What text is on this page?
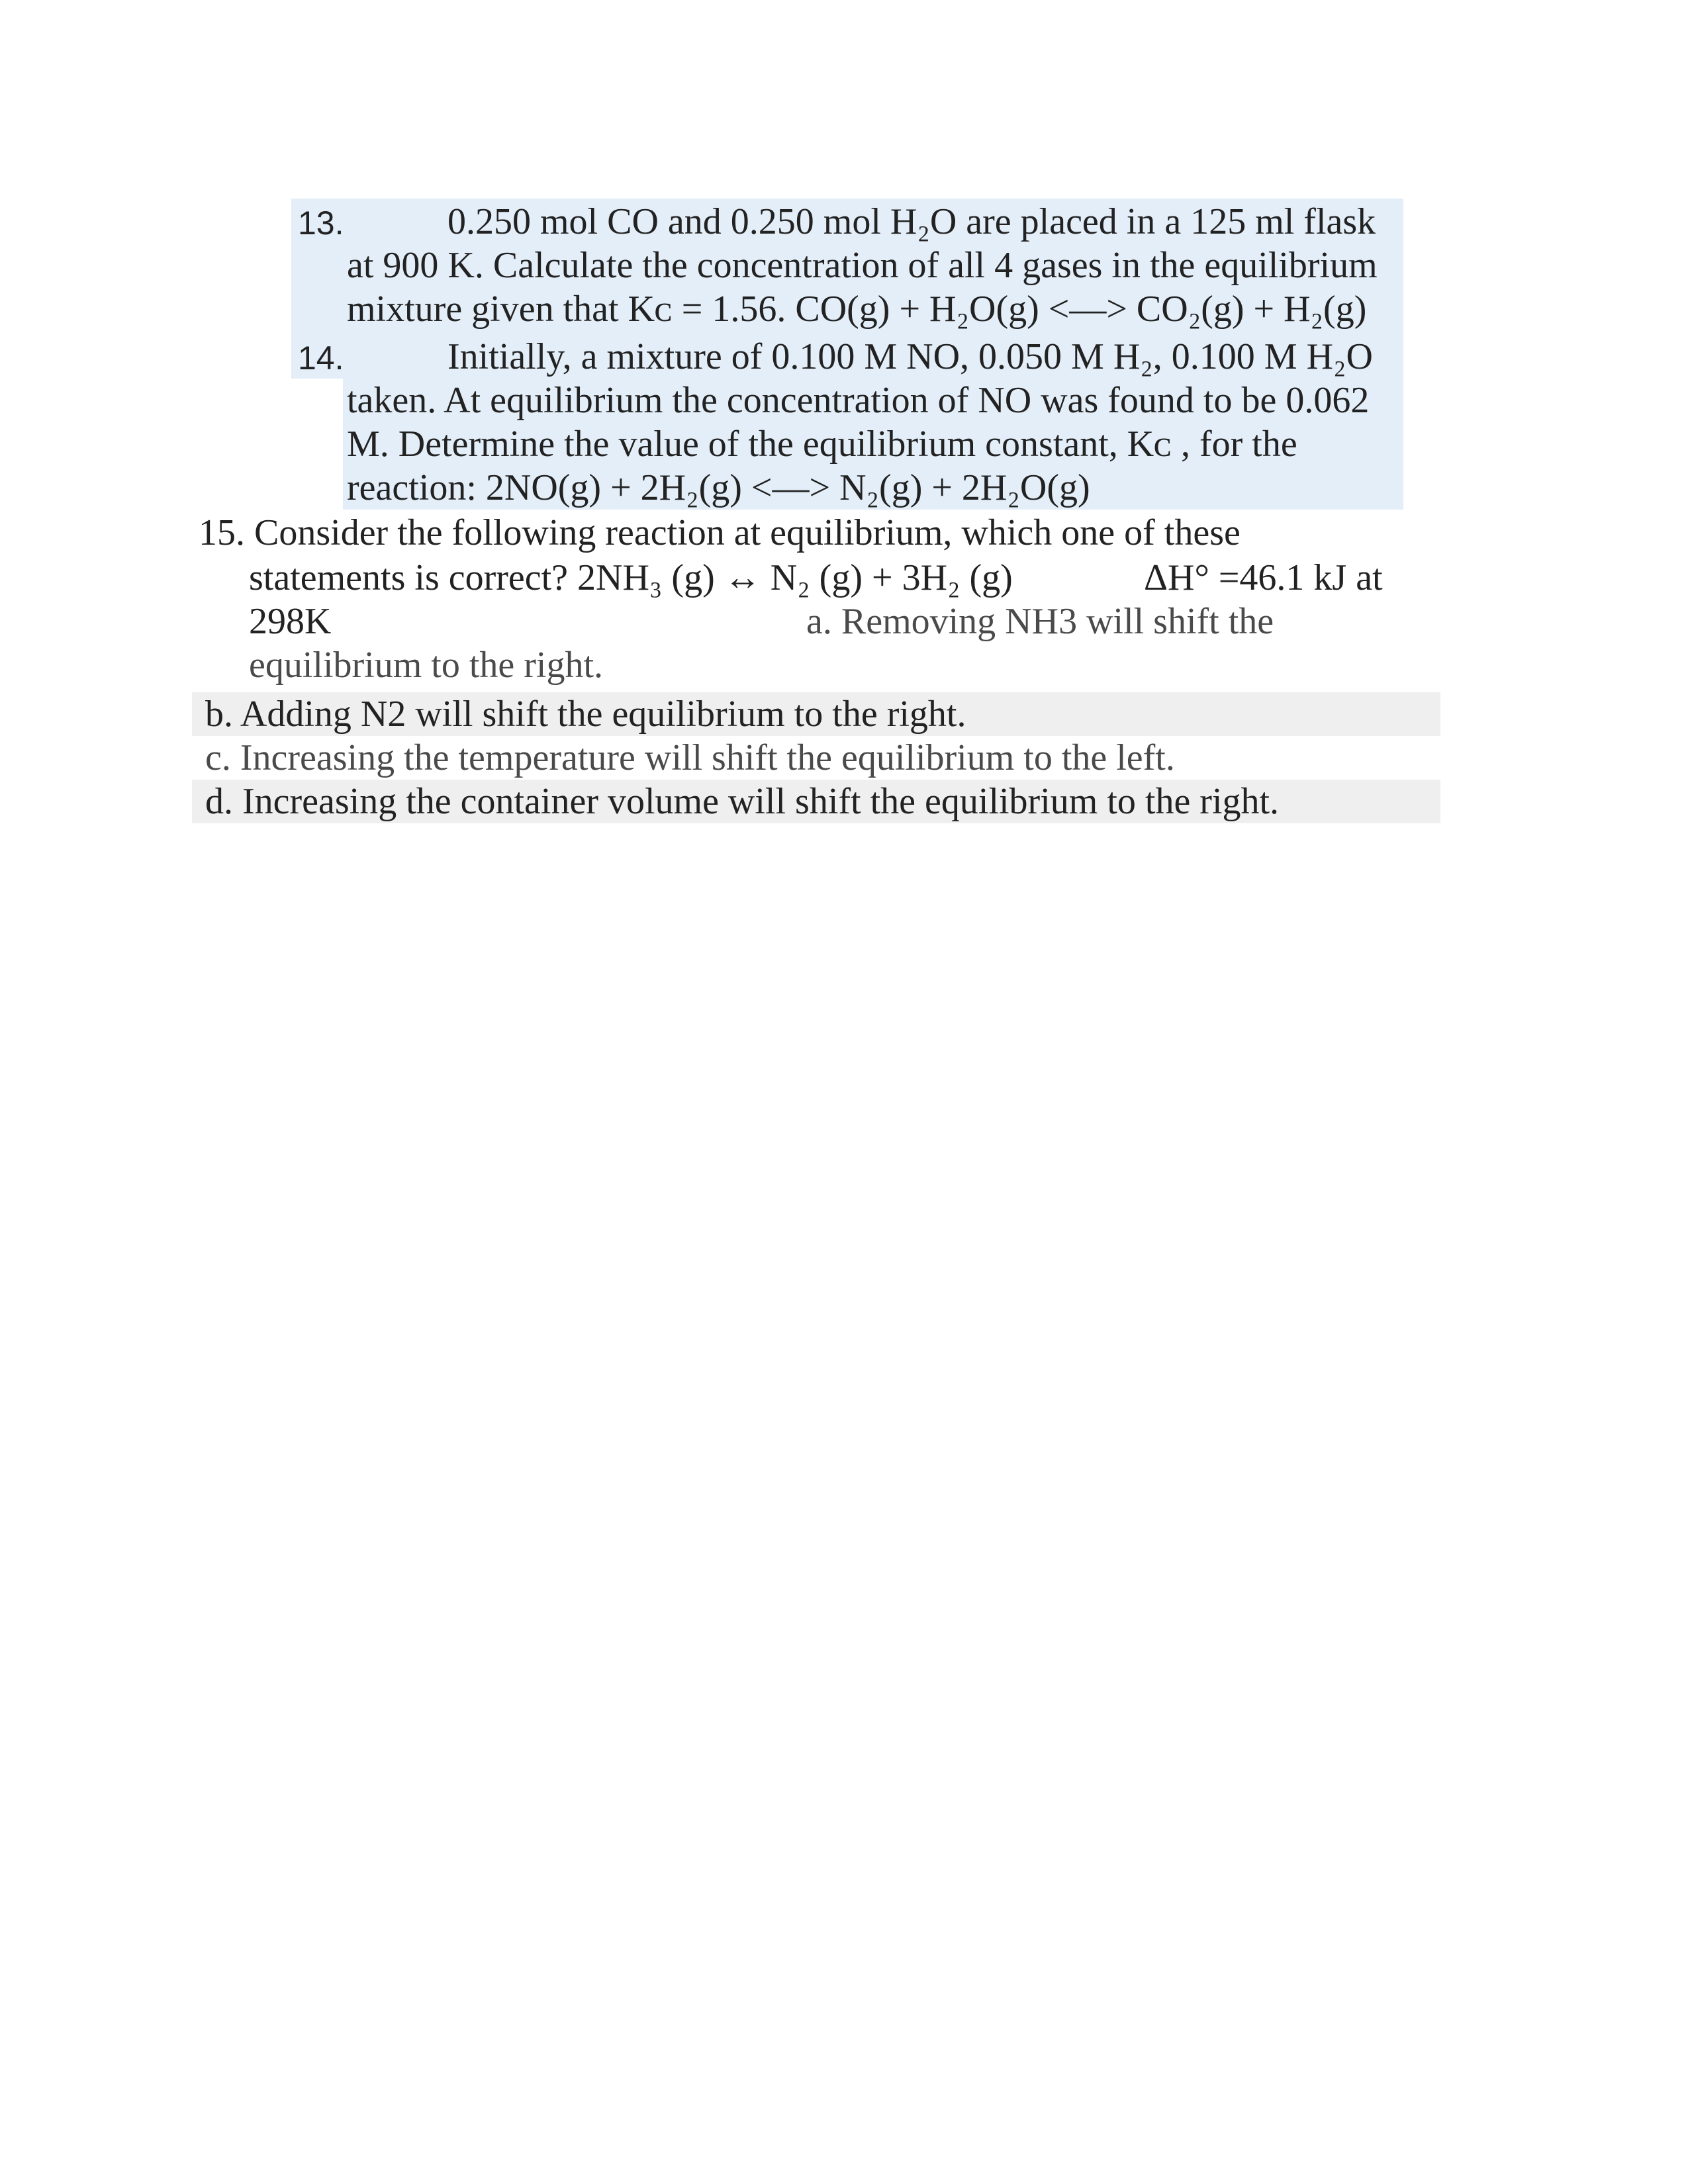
13.	0.250 mol CO and 0.250 mol H₂O are placed in a 125 ml flask
at 900 K. Calculate the concentration of all 4 gases in the equilibrium
mixture given that Kᴄ = 1.56. CO(g) + H₂O(g) <—> CO₂(g) + H₂(g)
14.	Initially, a mixture of 0.100 M NO, 0.050 M H₂, 0.100 M H₂O
taken. At equilibrium the concentration of NO was found to be 0.062
M. Determine the value of the equilibrium constant, Kᴄ , for the
reaction: 2NO(g) + 2H₂(g) <—> N₂(g) + 2H₂O(g)
15. Consider the following reaction at equilibrium, which one of these
statements is correct? 2NH₃ (g) ↔ N₂ (g) + 3H₂ (g)	ΔH° =46.1 kJ at
298K	a. Removing NH3 will shift the
equilibrium to the right.
b. Adding N2 will shift the equilibrium to the right.
c. Increasing the temperature will shift the equilibrium to the left.
d. Increasing the container volume will shift the equilibrium to the right.
